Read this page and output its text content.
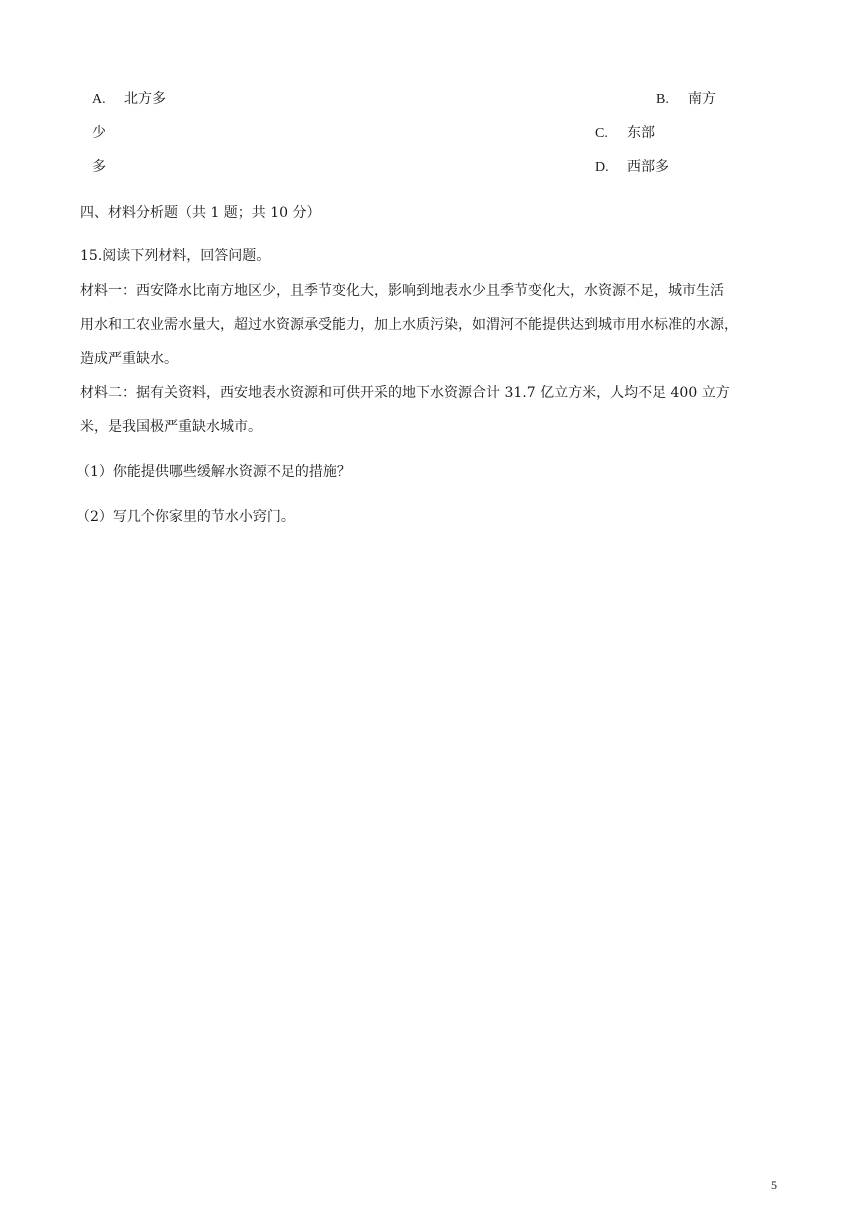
A. 北方多	B. 南方
少	C. 东部
多	D. 西部多
四、材料分析题（共 1 题；共 10 分）
15.阅读下列材料，回答问题。
材料一：西安降水比南方地区少，且季节变化大，影响到地表水少且季节变化大，水资源不足，城市生活
用水和工农业需水量大，超过水资源承受能力，加上水质污染，如渭河不能提供达到城市用水标准的水源，
造成严重缺水。
材料二：据有关资料，西安地表水资源和可供开采的地下水资源合计 31.7 亿立方米，人均不足 400 立方
米，是我国极严重缺水城市。
（1）你能提供哪些缓解水资源不足的措施？
（2）写几个你家里的节水小窍门。
5
